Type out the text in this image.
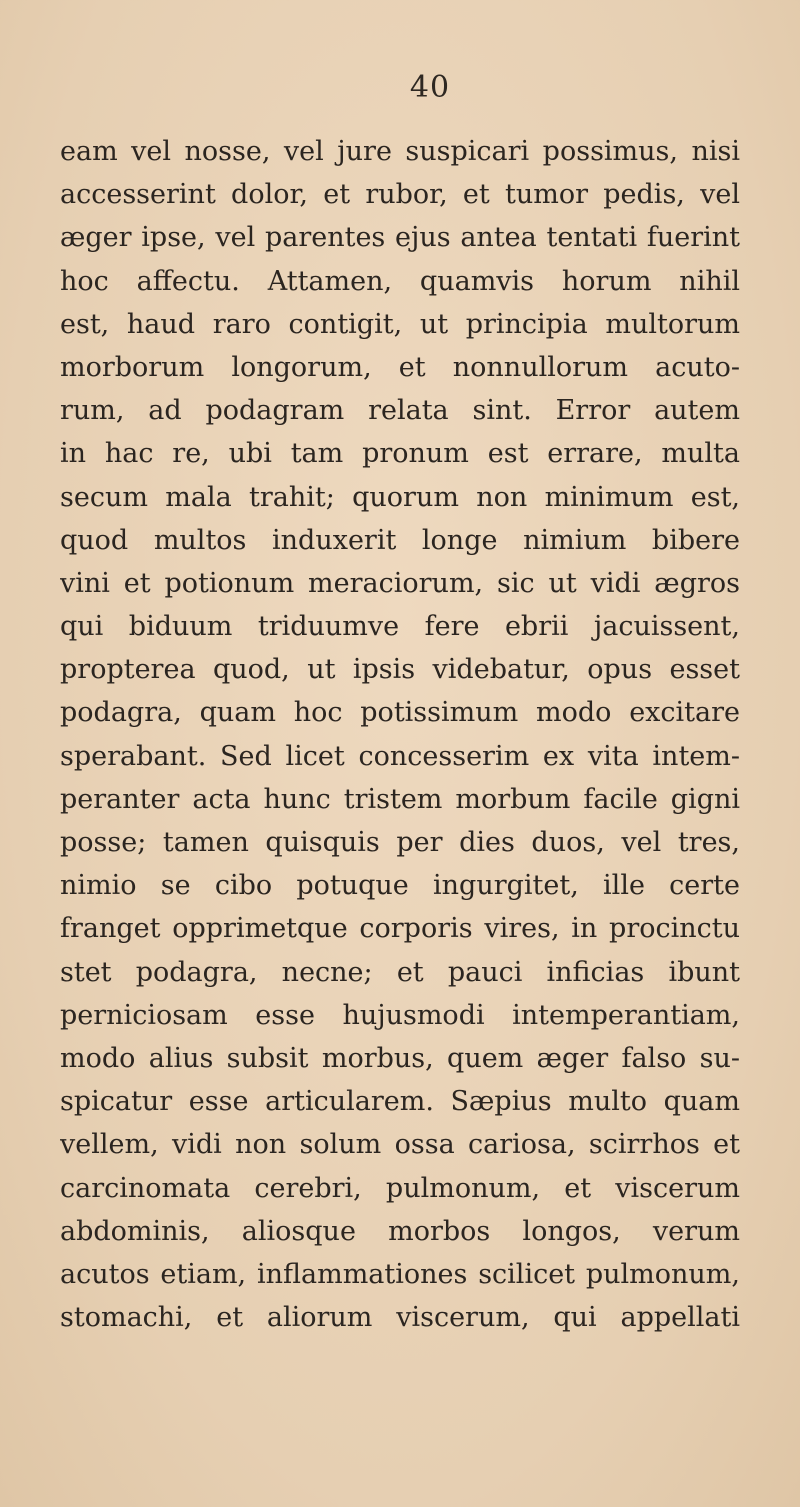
40
eam vel nosse, vel jure suspicari possimus, nisi
accesserint dolor, et rubor, et tumor pedis, vel
æger ipse, vel parentes ejus antea tentati fuerint
hoc affectu. Attamen, quamvis horum nihil
est, haud raro contigit, ut principia multorum
morborum longorum, et nonnullorum acuto-
rum, ad podagram relata sint. Error autem
in hac re, ubi tam pronum est errare, multa
secum mala trahit; quorum non minimum est,
quod multos induxerit longe nimium bibere
vini et potionum meraciorum, sic ut vidi ægros
qui biduum triduumve fere ebrii jacuissent,
propterea quod, ut ipsis videbatur, opus esset
podagra, quam hoc potissimum modo excitare
sperabant. Sed licet concesserim ex vita intem-
peranter acta hunc tristem morbum facile gigni
posse; tamen quisquis per dies duos, vel tres,
nimio se cibo potuque ingurgitet, ille certe
franget opprimetque corporis vires, in procinctu
stet podagra, necne; et pauci inficias ibunt
perniciosam esse hujusmodi intemperantiam,
modo alius subsit morbus, quem æger falso su-
spicatur esse articularem. Sæpius multo quam
vellem, vidi non solum ossa cariosa, scirrhos et
carcinomata cerebri, pulmonum, et viscerum
abdominis, aliosque morbos longos, verum
acutos etiam, inflammationes scilicet pulmonum,
stomachi, et aliorum viscerum, qui appellati
